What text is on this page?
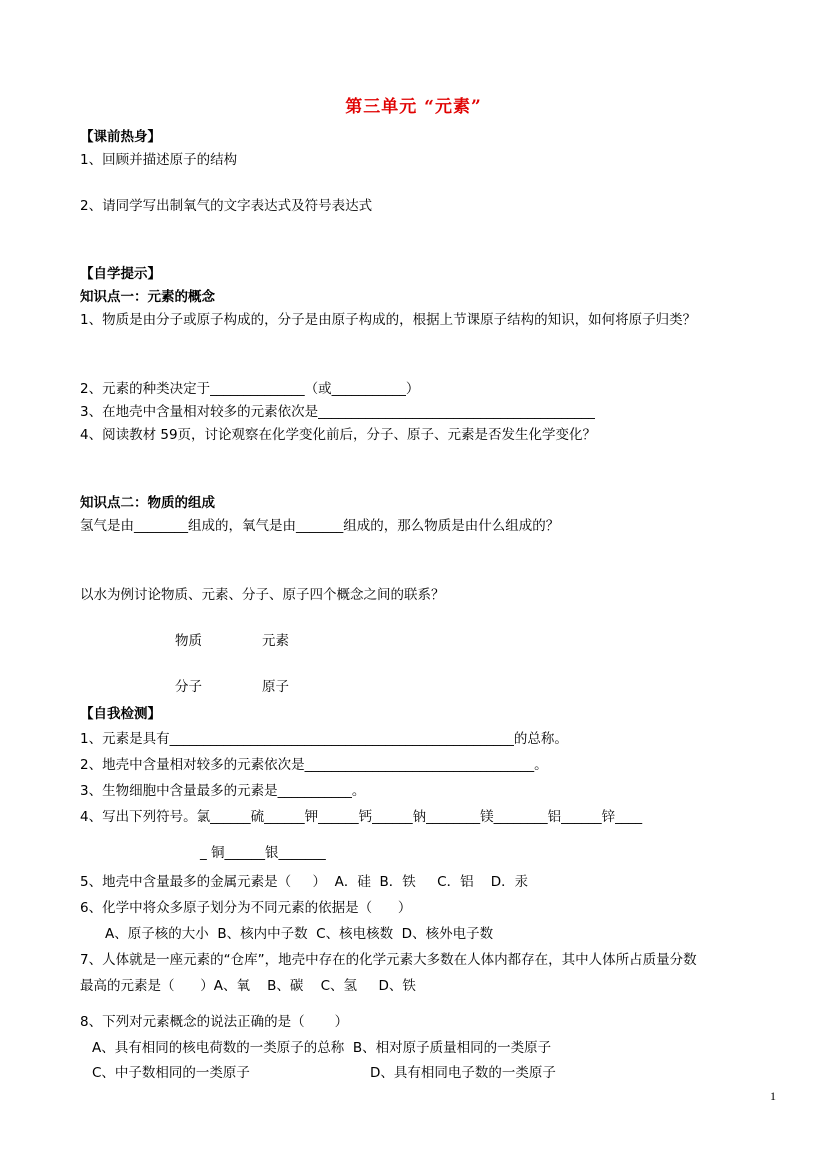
第三单元 “元素”
【课前热身】
1、回顾并描述原子的结构
2、请同学写出制氧气的文字表达式及符号表达式
【自学提示】
知识点一：元素的概念
1、物质是由分子或原子构成的，分子是由原子构成的，根据上节课原子结构的知识，如何将原子归类？
2、元素的种类决定于______________（或___________）
3、在地壳中含量相对较多的元素依次是_________________________________________
4、阅读教材 59页，讨论观察在化学变化前后，分子、原子、元素是否发生化学变化？
知识点二：物质的组成
氢气是由________组成的，氧气是由_______组成的，那么物质是由什么组成的？
以水为例讨论物质、元素、分子、原子四个概念之间的联系？
物质	元素
分子	原子
【自我检测】
1、元素是具有___________________________________________________的总称。
2、地壳中含量相对较多的元素依次是__________________________________。
3、生物细胞中含量最多的元素是___________。
4、写出下列符号。氯______硫______钾______钙______钠________镁________铝______锌____
_ 铜______银_______
5、地壳中含量最多的金属元素是（     ）  A．硅  B．铁     C．铝    D．汞
6、化学中将众多原子划分为不同元素的依据是（      ）
A、原子核的大小  B、核内中子数  C、核电核数  D、核外电子数
7、人体就是一座元素的“仓库”，地壳中存在的化学元素大多数在人体内都存在，其中人体所占质量分数
最高的元素是（      ）A、氧    B、碳    C、氢     D、铁
8、下列对元素概念的说法正确的是（       ）
A、具有相同的核电荷数的一类原子的总称  B、相对原子质量相同的一类原子
C、中子数相同的一类原子	D、具有相同电子数的一类原子
1
